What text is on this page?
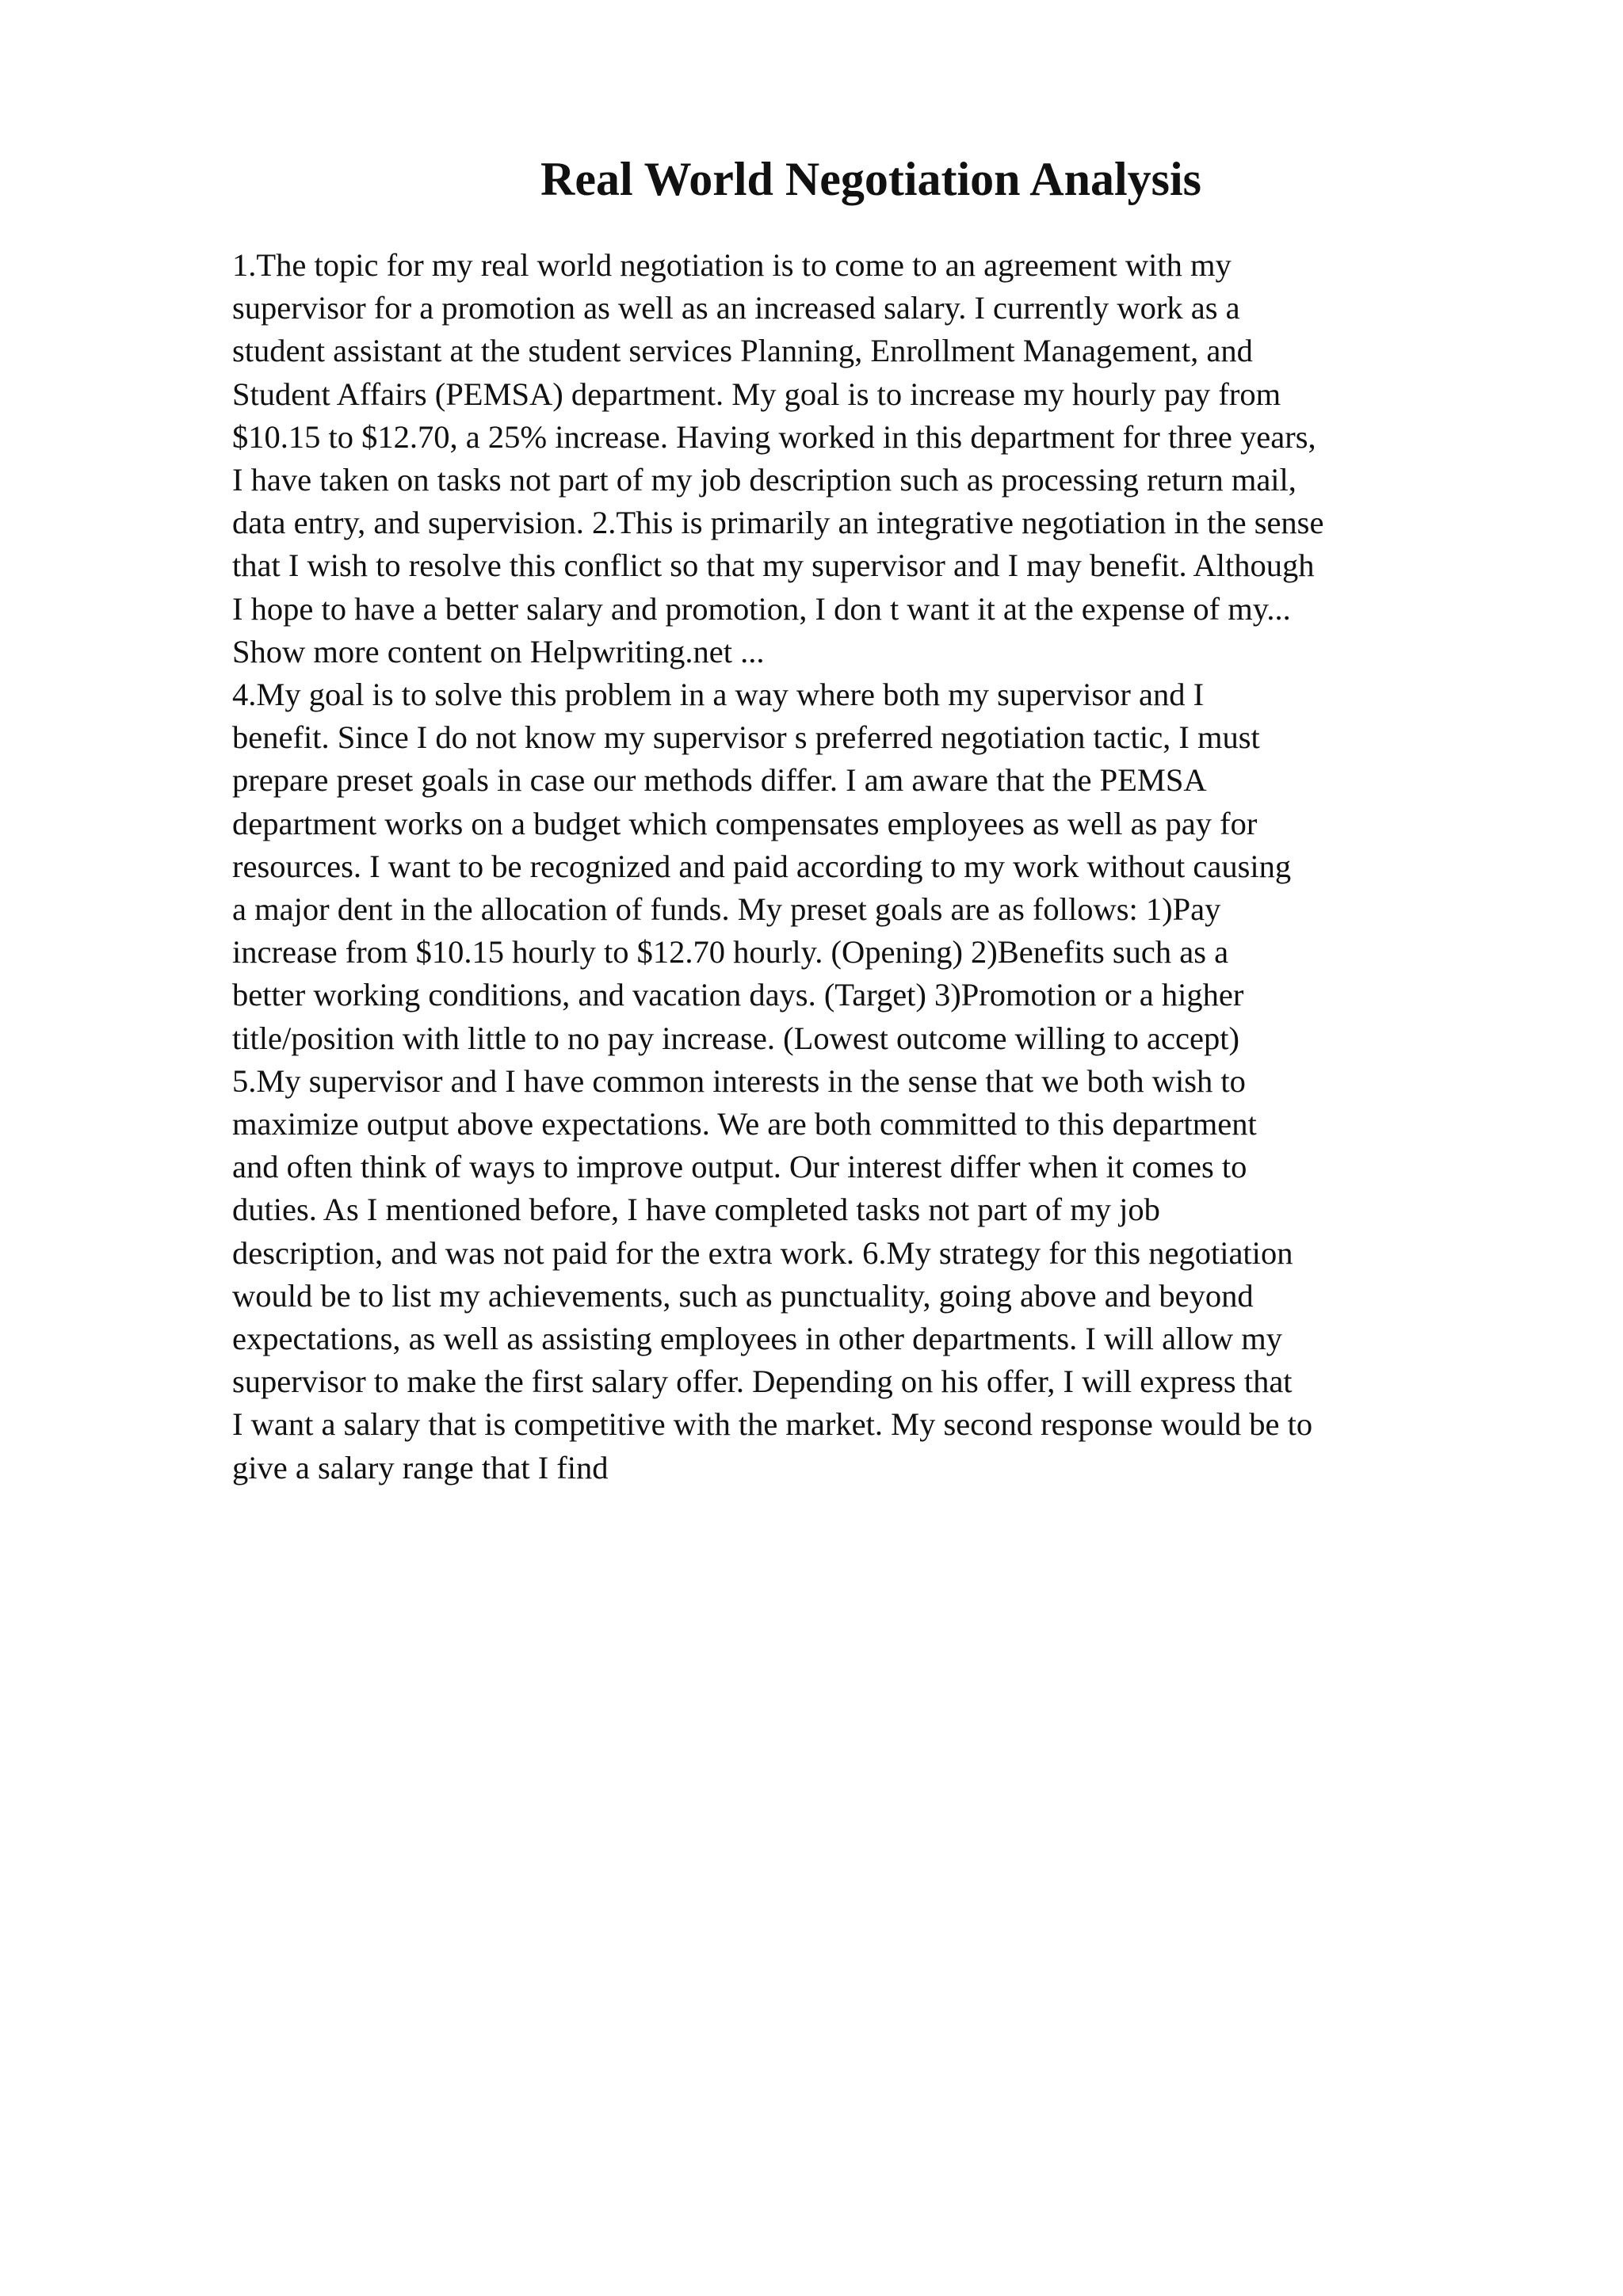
Real World Negotiation Analysis
1.The topic for my real world negotiation is to come to an agreement with my
supervisor for a promotion as well as an increased salary. I currently work as a
student assistant at the student services Planning, Enrollment Management, and
Student Affairs (PEMSA) department. My goal is to increase my hourly pay from
$10.15 to $12.70, a 25% increase. Having worked in this department for three years,
I have taken on tasks not part of my job description such as processing return mail,
data entry, and supervision. 2.This is primarily an integrative negotiation in the sense
that I wish to resolve this conflict so that my supervisor and I may benefit. Although
I hope to have a better salary and promotion, I don t want it at the expense of my...
Show more content on Helpwriting.net ...
4.My goal is to solve this problem in a way where both my supervisor and I
benefit. Since I do not know my supervisor s preferred negotiation tactic, I must
prepare preset goals in case our methods differ. I am aware that the PEMSA
department works on a budget which compensates employees as well as pay for
resources. I want to be recognized and paid according to my work without causing
a major dent in the allocation of funds. My preset goals are as follows: 1)Pay
increase from $10.15 hourly to $12.70 hourly. (Opening) 2)Benefits such as a
better working conditions, and vacation days. (Target) 3)Promotion or a higher
title/position with little to no pay increase. (Lowest outcome willing to accept)
5.My supervisor and I have common interests in the sense that we both wish to
maximize output above expectations. We are both committed to this department
and often think of ways to improve output. Our interest differ when it comes to
duties. As I mentioned before, I have completed tasks not part of my job
description, and was not paid for the extra work. 6.My strategy for this negotiation
would be to list my achievements, such as punctuality, going above and beyond
expectations, as well as assisting employees in other departments. I will allow my
supervisor to make the first salary offer. Depending on his offer, I will express that
I want a salary that is competitive with the market. My second response would be to
give a salary range that I find
